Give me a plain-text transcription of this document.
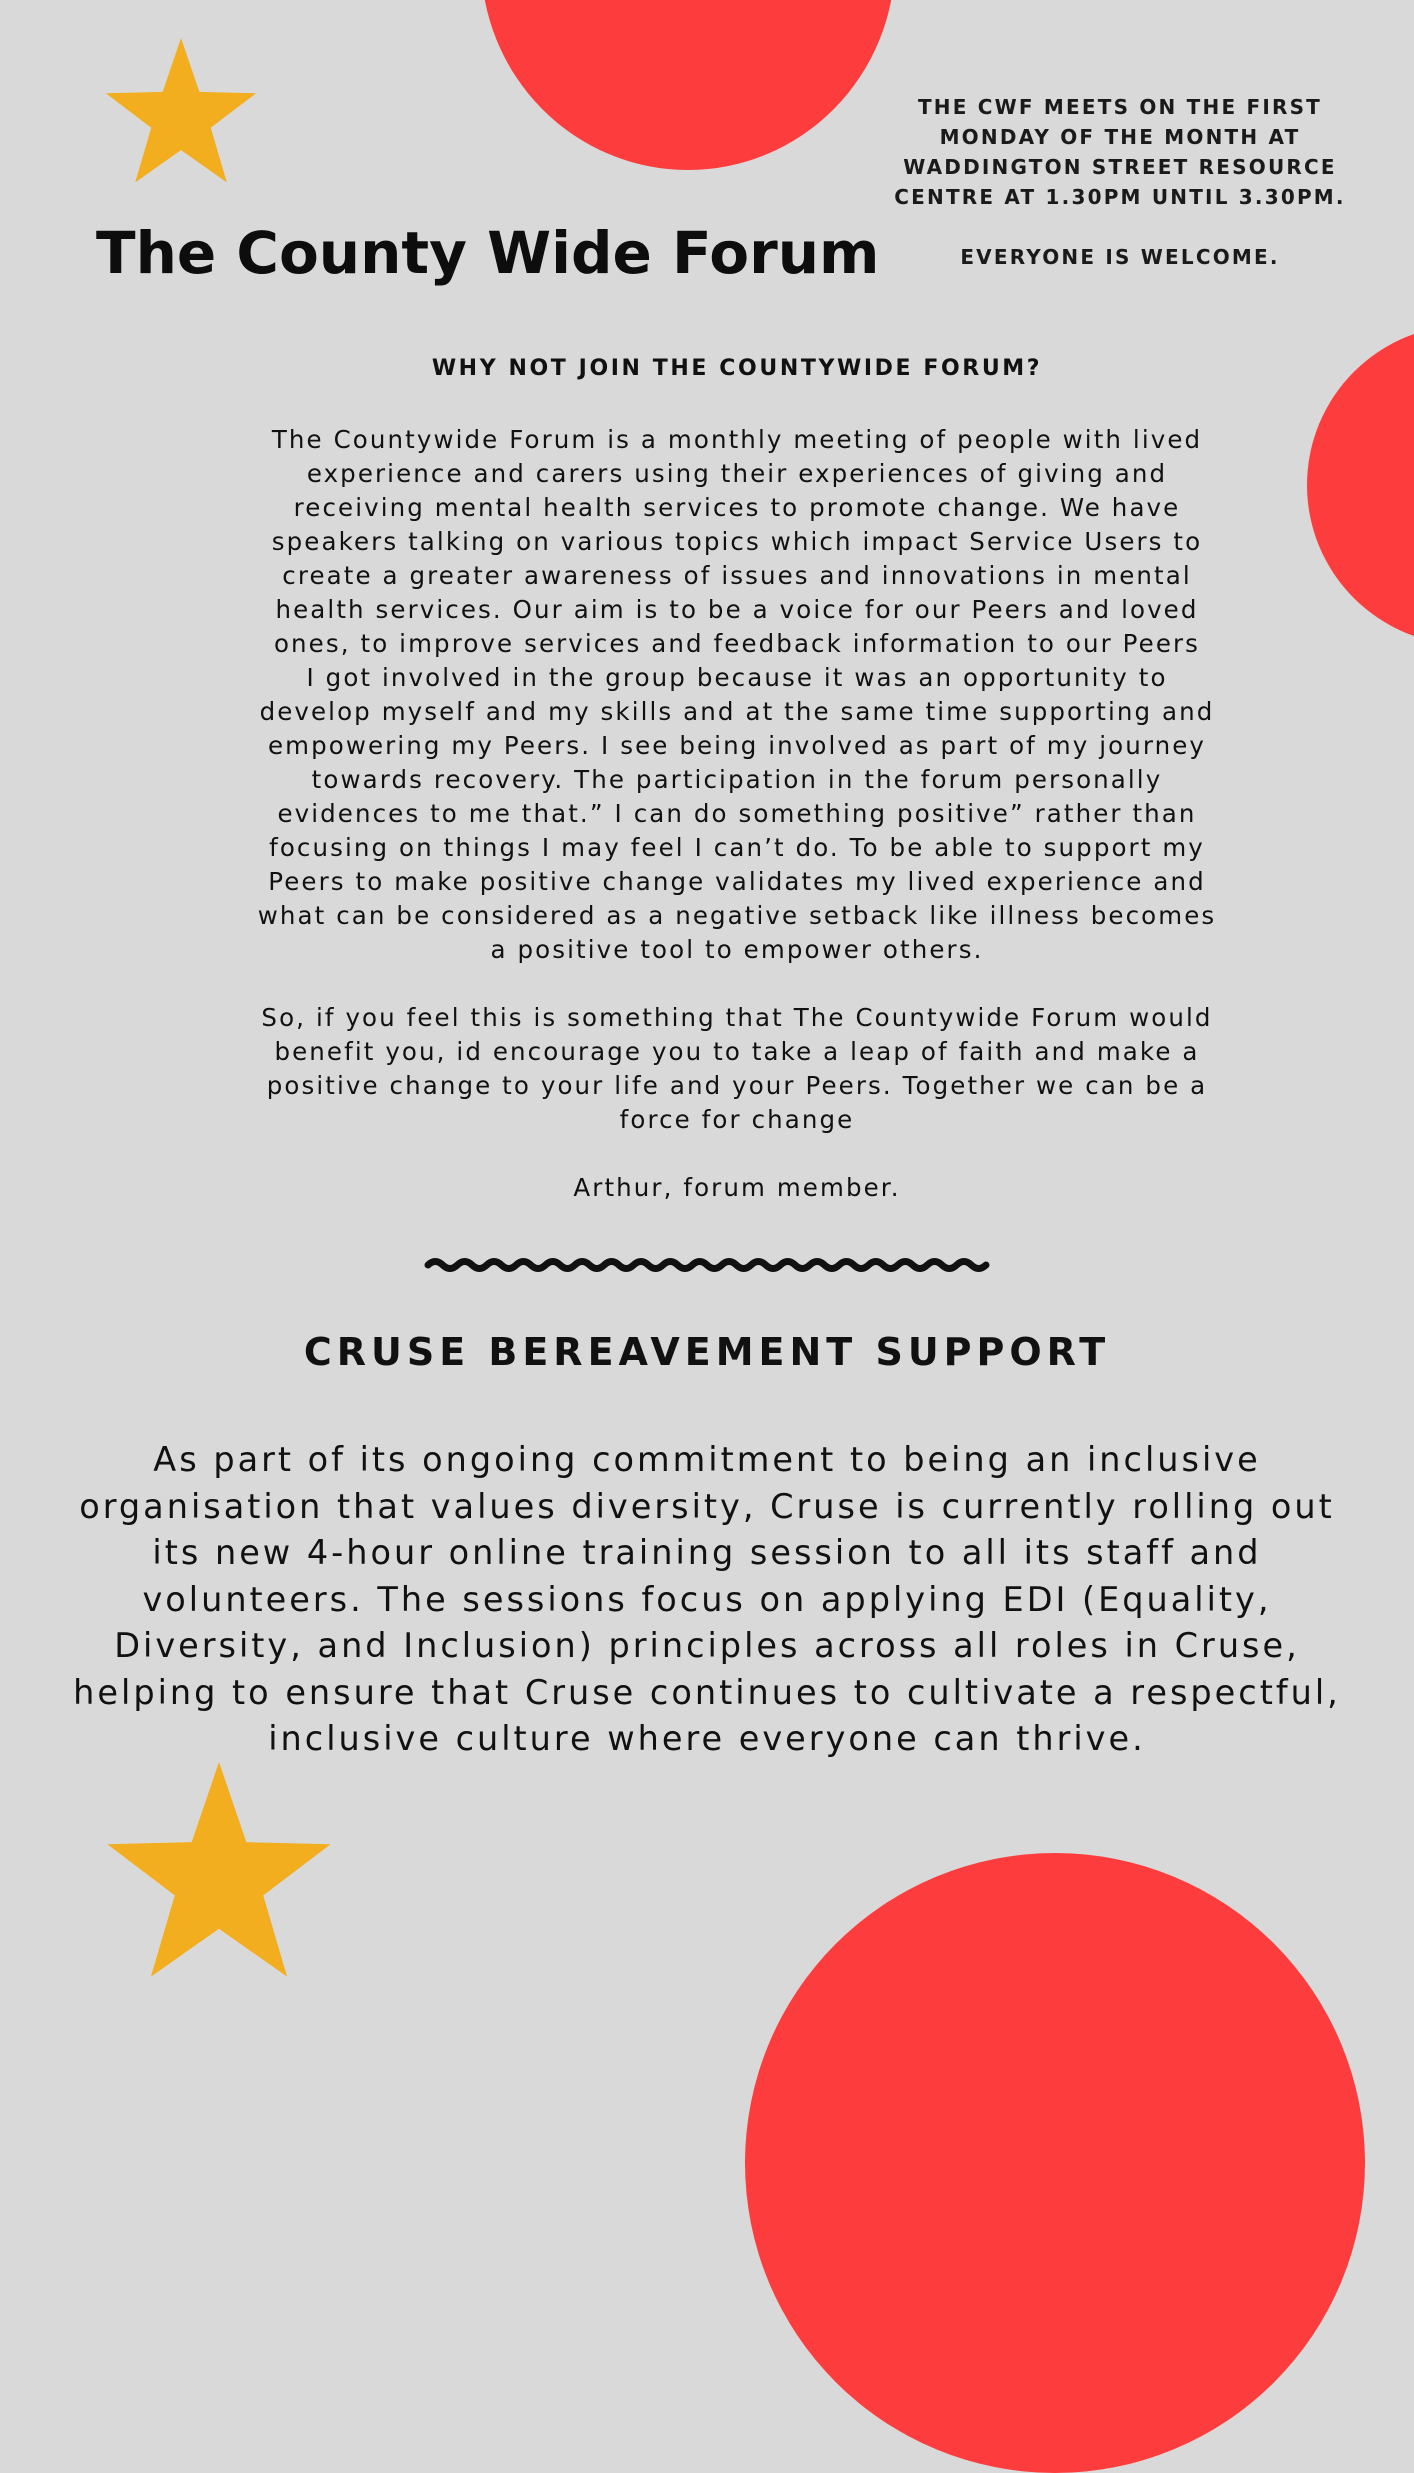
The County Wide Forum
THE CWF MEETS ON THE FIRST
MONDAY OF THE MONTH AT
WADDINGTON STREET RESOURCE
CENTRE AT 1.30PM UNTIL 3.30PM.
EVERYONE IS WELCOME.
WHY NOT JOIN THE COUNTYWIDE FORUM?

The Countywide Forum is a monthly meeting of people with lived
experience and carers using their experiences of giving and
receiving mental health services to promote change. We have
speakers talking on various topics which impact Service Users to
create a greater awareness of issues and innovations in mental
health services. Our aim is to be a voice for our Peers and loved
ones, to improve services and feedback information to our Peers
I got involved in the group because it was an opportunity to
develop myself and my skills and at the same time supporting and
empowering my Peers. I see being involved as part of my journey
towards recovery. The participation in the forum personally
evidences to me that.” I can do something positive” rather than
focusing on things I may feel I can’t do. To be able to support my
Peers to make positive change validates my lived experience and
what can be considered as a negative setback like illness becomes
a positive tool to empower others.

So, if you feel this is something that The Countywide Forum would
benefit you, id encourage you to take a leap of faith and make a
positive change to your life and your Peers. Together we can be a
force for change

Arthur, forum member.
CRUSE BEREAVEMENT SUPPORT
As part of its ongoing commitment to being an inclusive
organisation that values diversity, Cruse is currently rolling out
its new 4-hour online training session to all its staff and
volunteers. The sessions focus on applying EDI (Equality,
Diversity, and Inclusion) principles across all roles in Cruse,
helping to ensure that Cruse continues to cultivate a respectful,
inclusive culture where everyone can thrive.
